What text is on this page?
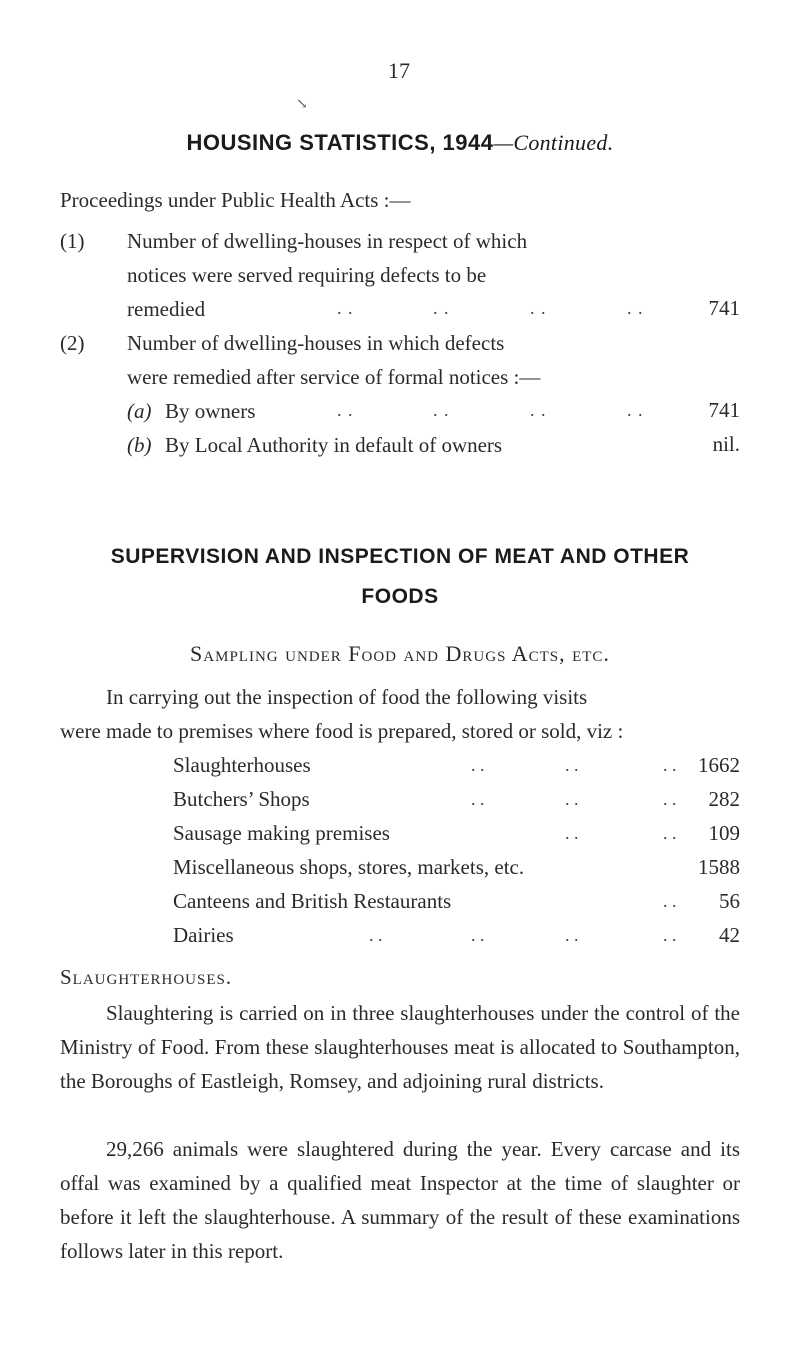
17
↘
HOUSING STATISTICS, 1944—Continued.
Proceedings under Public Health Acts :—
(1) Number of dwelling-houses in respect of which
notices were served requiring defects to be
remedied	. .	. .	. .	. .	741
(2) Number of dwelling-houses in which defects
were remedied after service of formal notices :—
(a) By owners	. .	. .	. .	. .	741
(b) By Local Authority in default of owners	nil.
SUPERVISION AND INSPECTION OF MEAT AND OTHER
FOODS
Sampling under Food and Drugs Acts, etc.
In carrying out the inspection of food the following visits
were made to premises where food is prepared, stored or sold, viz :
Slaughterhouses	. .	. .	. . 1662
Butchers’ Shops	. .	. .	. . 282
Sausage making premises	. .	. . 109
Miscellaneous shops, stores, markets, etc.	1588
Canteens and British Restaurants	. . 56
Dairies	. .	. .	. .	. . 42
Slaughterhouses.
Slaughtering is carried on in three slaughterhouses under the control of the Ministry of Food. From these slaughterhouses meat is allocated to Southampton, the Boroughs of Eastleigh, Romsey, and adjoining rural districts.
29,266 animals were slaughtered during the year. Every carcase and its offal was examined by a qualified meat Inspector at the time of slaughter or before it left the slaughterhouse. A summary of the result of these examinations follows later in this report.
